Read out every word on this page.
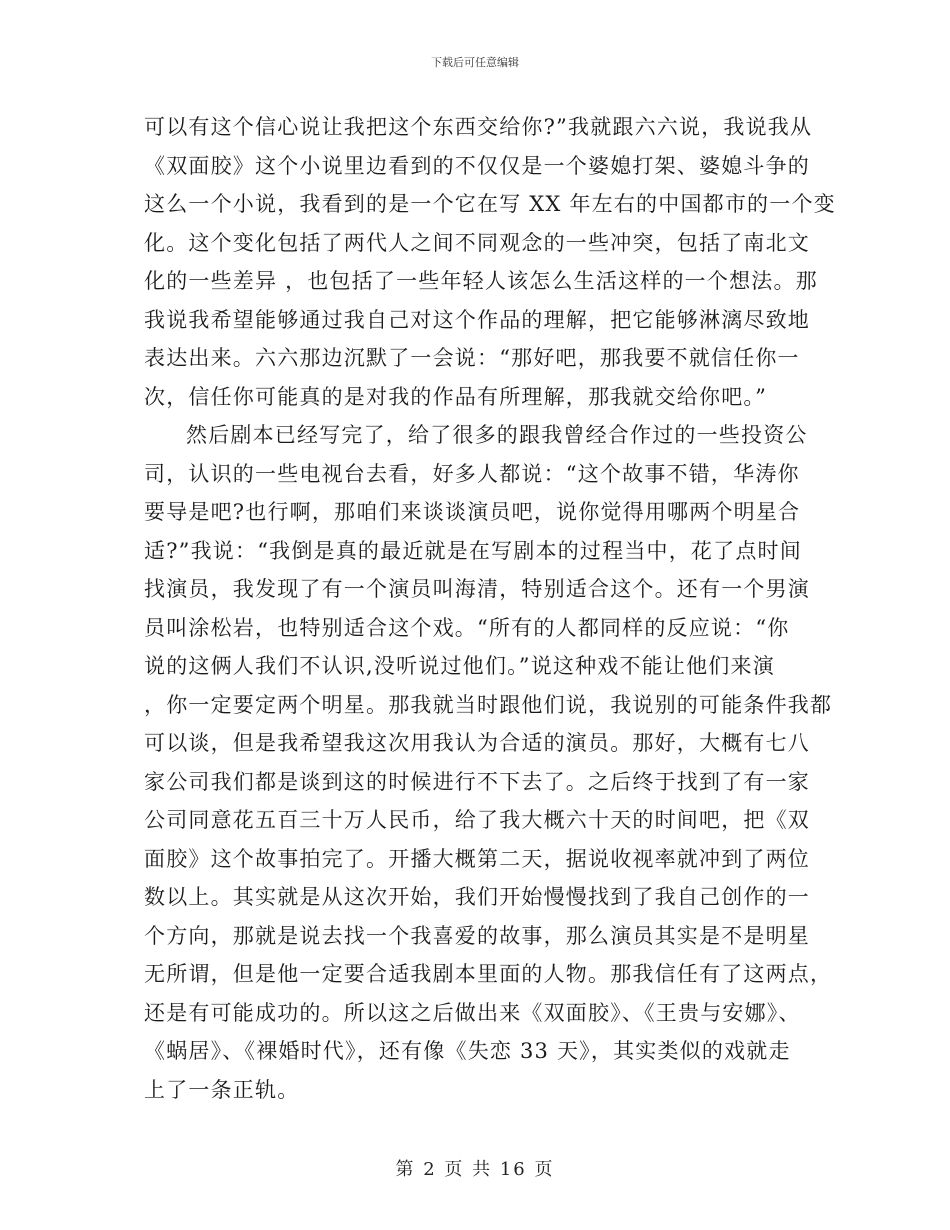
下载后可任意编辑
可以有这个信心说让我把这个东西交给你?”我就跟六六说，我说我从
《双面胶》这个小说里边看到的不仅仅是一个婆媳打架、婆媳斗争的
这么一个小说，我看到的是一个它在写 XX 年左右的中国都市的一个变
化。这个变化包括了两代人之间不同观念的一些冲突，包括了南北文
化的一些差异 ，也包括了一些年轻人该怎么生活这样的一个想法。那
我说我希望能够通过我自己对这个作品的理解，把它能够淋漓尽致地
表达出来。六六那边沉默了一会说：“那好吧，那我要不就信任你一
次，信任你可能真的是对我的作品有所理解，那我就交给你吧。”
然后剧本已经写完了，给了很多的跟我曾经合作过的一些投资公
司，认识的一些电视台去看，好多人都说：“这个故事不错，华涛你
要导是吧?也行啊，那咱们来谈谈演员吧，说你觉得用哪两个明星合
适?”我说：“我倒是真的最近就是在写剧本的过程当中，花了点时间
找演员，我发现了有一个演员叫海清，特别适合这个。还有一个男演
员叫涂松岩，也特别适合这个戏。“所有的人都同样的反应说：“你
说的这俩人我们不认识,没听说过他们。”说这种戏不能让他们来演
，你一定要定两个明星。那我就当时跟他们说，我说别的可能条件我都
可以谈，但是我希望我这次用我认为合适的演员。那好，大概有七八
家公司我们都是谈到这的时候进行不下去了。之后终于找到了有一家
公司同意花五百三十万人民币，给了我大概六十天的时间吧，把《双
面胶》这个故事拍完了。开播大概第二天，据说收视率就冲到了两位
数以上。其实就是从这次开始，我们开始慢慢找到了我自己创作的一
个方向，那就是说去找一个我喜爱的故事，那么演员其实是不是明星
无所谓，但是他一定要合适我剧本里面的人物。那我信任有了这两点，
还是有可能成功的。所以这之后做出来《双面胶》、《王贵与安娜》、
《蜗居》、《裸婚时代》，还有像《失恋 33 天》，其实类似的戏就走
上了一条正轨。
第 2 页 共 16 页
